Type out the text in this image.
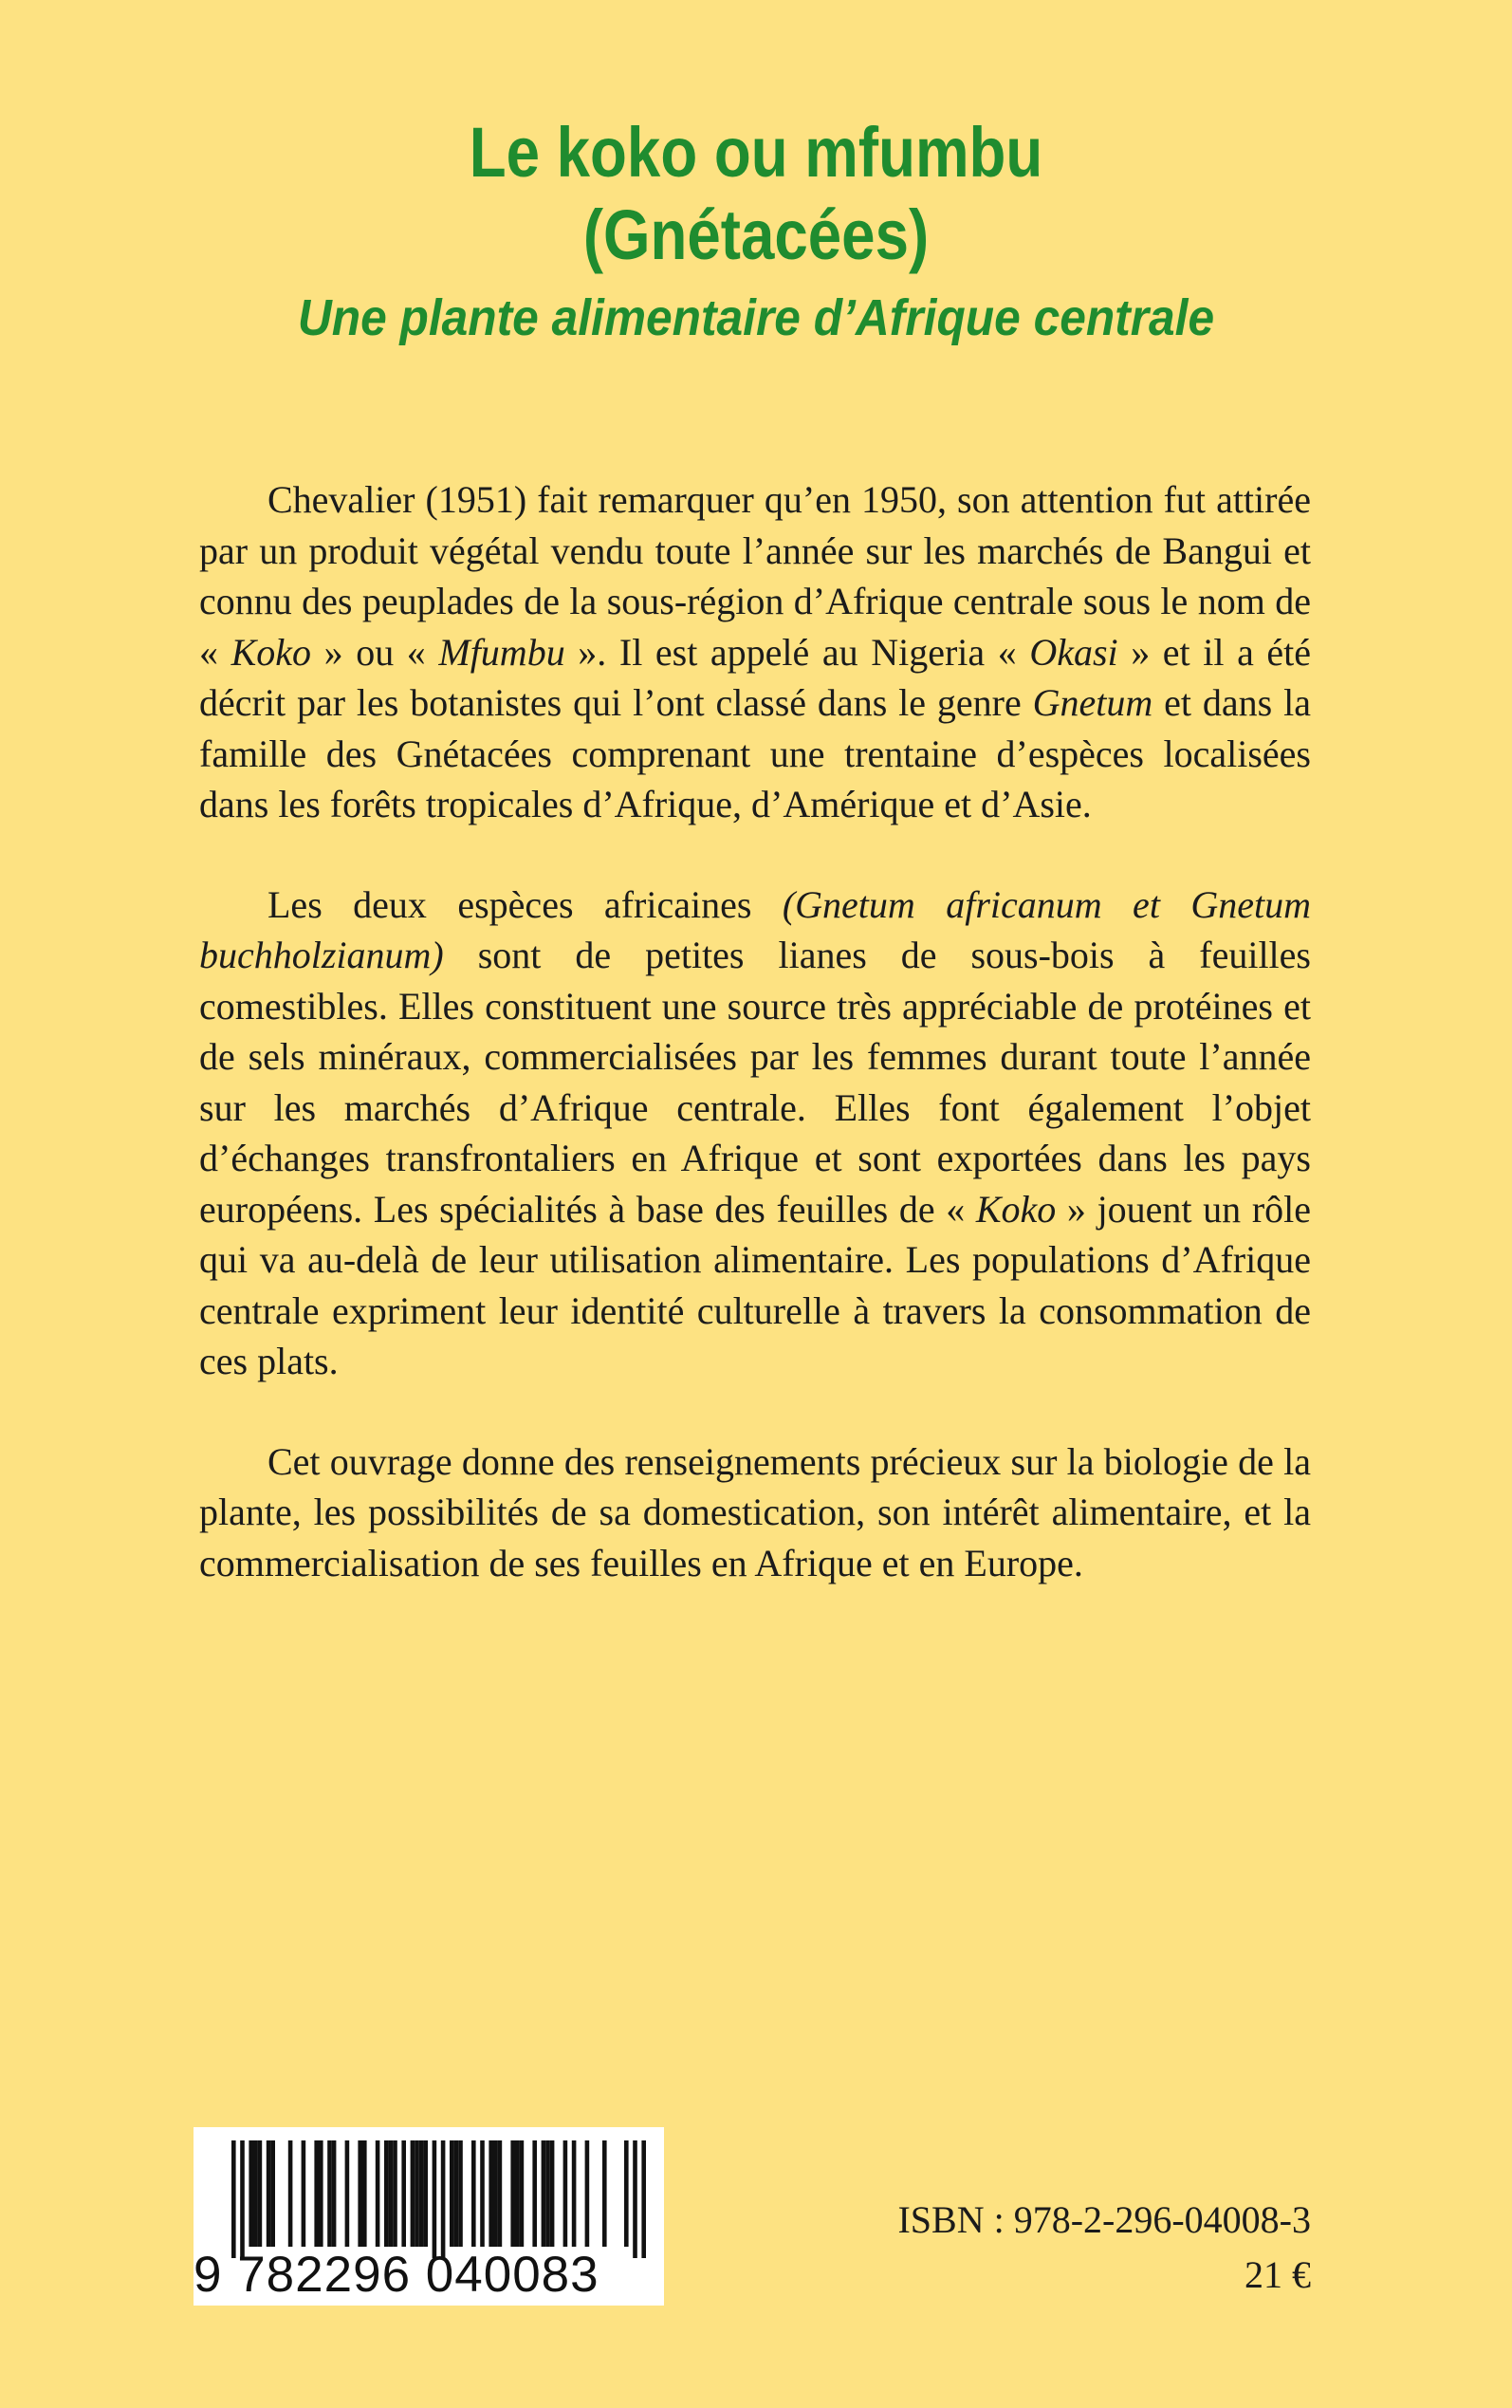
Le koko ou mfumbu
(Gnétacées)
Une plante alimentaire d’Afrique centrale

Chevalier (1951) fait remarquer qu’en 1950, son attention fut attirée par un produit végétal vendu toute l’année sur les marchés de Bangui et connu des peuplades de la sous-région d’Afrique centrale sous le nom de « Koko » ou « Mfumbu ». Il est appelé au Nigeria « Okasi » et il a été décrit par les botanistes qui l’ont classé dans le genre Gnetum et dans la famille des Gnétacées comprenant une trentaine d’espèces localisées dans les forêts tropicales d’Afrique, d’Amérique et d’Asie.

Les deux espèces africaines (Gnetum africanum et Gnetum buchholzianum) sont de petites lianes de sous-bois à feuilles comestibles. Elles constituent une source très appréciable de protéines et de sels minéraux, commercialisées par les femmes durant toute l’année sur les marchés d’Afrique centrale. Elles font également l’objet d’échanges transfrontaliers en Afrique et sont exportées dans les pays européens. Les spécialités à base des feuilles de « Koko » jouent un rôle qui va au-delà de leur utilisation alimentaire. Les populations d’Afrique centrale expriment leur identité culturelle à travers la consommation de ces plats.

Cet ouvrage donne des renseignements précieux sur la biologie de la plante, les possibilités de sa domestication, son intérêt alimentaire, et la commercialisation de ses feuilles en Afrique et en Europe.

9 782296 040083
ISBN : 978-2-296-04008-3
21 €
